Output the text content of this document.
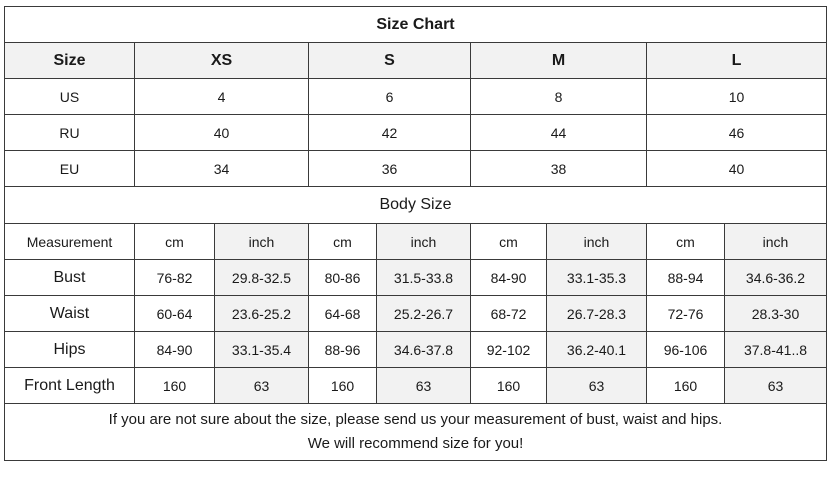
Size Chart								
Size	XS		S		M		L	
US	4		6		8		10	
RU	40		42		44		46	
EU	34		36		38		40	
Body Size								
Measurement	cm	inch	cm	inch	cm	inch	cm	inch
Bust	76-82	29.8-32.5	80-86	31.5-33.8	84-90	33.1-35.3	88-94	34.6-36.2
Waist	60-64	23.6-25.2	64-68	25.2-26.7	68-72	26.7-28.3	72-76	28.3-30
Hips	84-90	33.1-35.4	88-96	34.6-37.8	92-102	36.2-40.1	96-106	37.8-41..8
Front Length	160	63	160	63	160	63	160	63

If you are not sure about the size, please send us your measurement of bust, waist and hips.
We will recommend size for you!								
